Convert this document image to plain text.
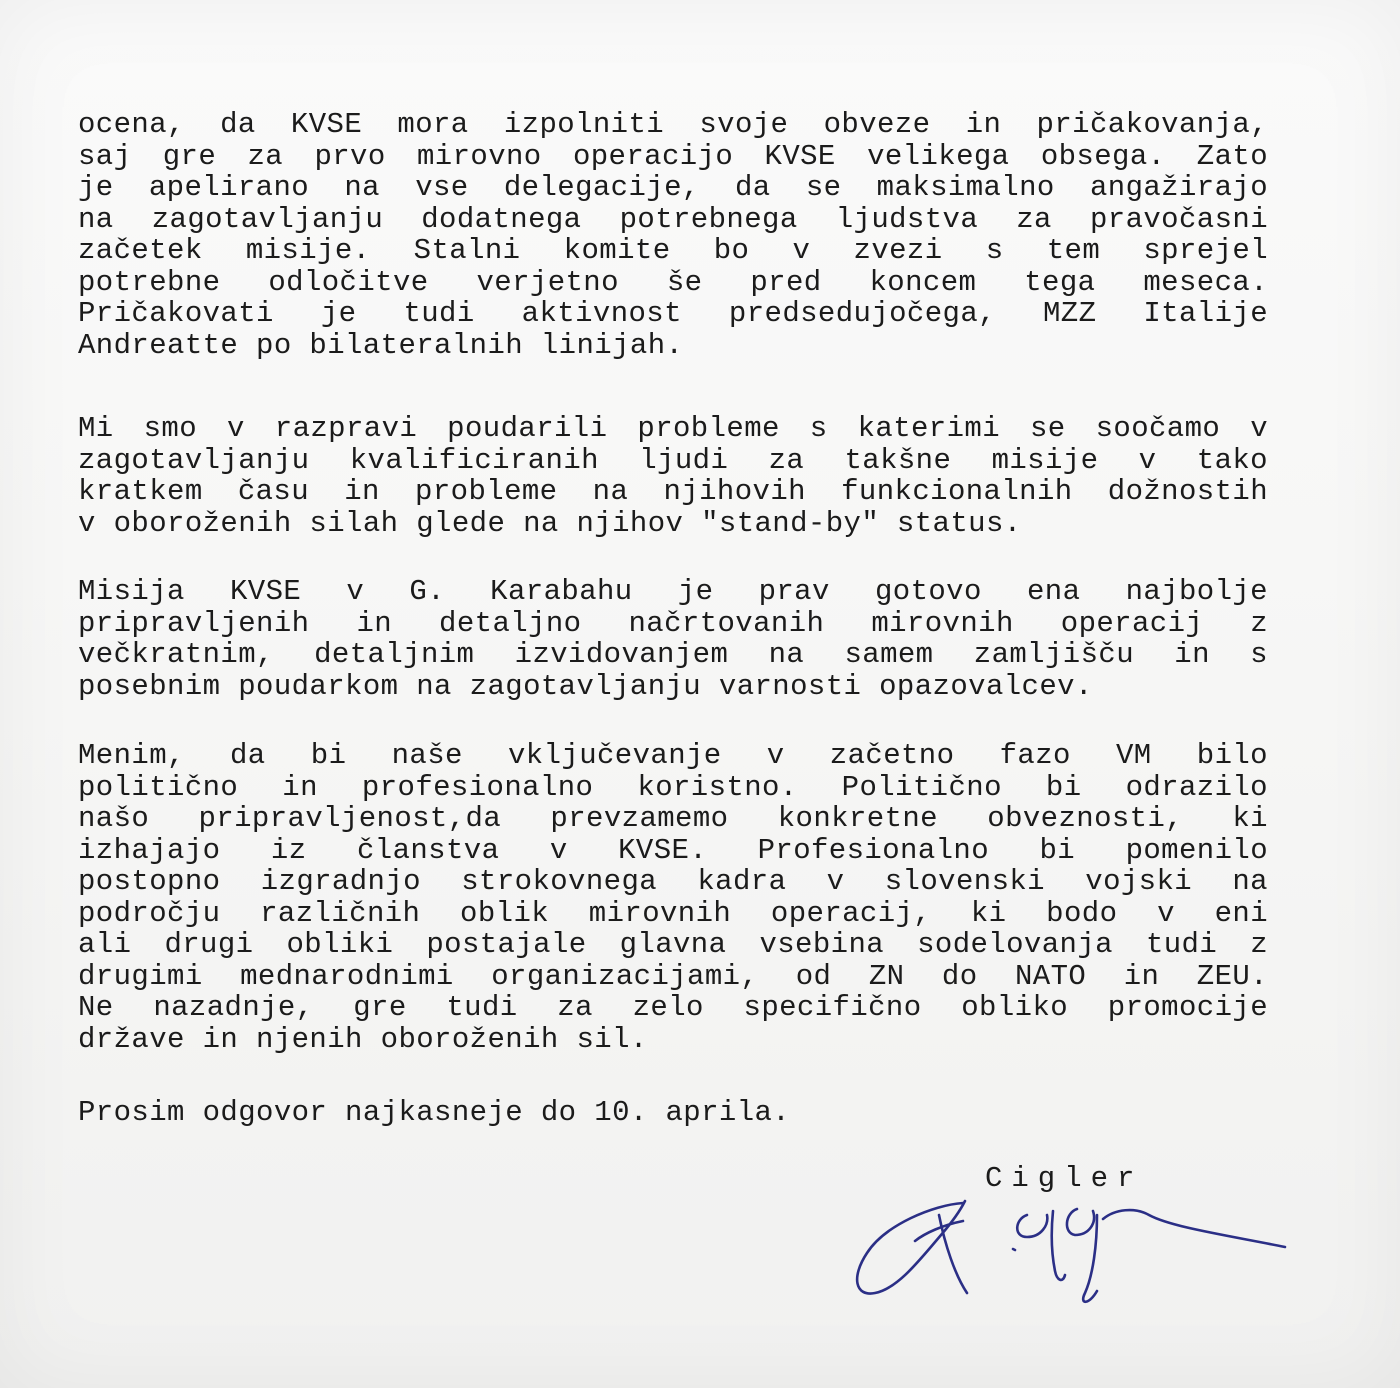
ocena, da KVSE mora izpolniti svoje obveze in pričakovanja,
saj gre za prvo mirovno operacijo KVSE velikega obsega. Zato
je apelirano na vse delegacije, da se maksimalno angažirajo
na zagotavljanju dodatnega potrebnega ljudstva za pravočasni
začetek misije. Stalni komite bo v zvezi s tem sprejel
potrebne odločitve verjetno še pred koncem tega meseca.
Pričakovati je tudi aktivnost predsedujočega, MZZ Italije
Andreatte po bilateralnih linijah.
Mi smo v razpravi poudarili probleme s katerimi se soočamo v
zagotavljanju kvalificiranih ljudi za takšne misije v tako
kratkem času in probleme na njihovih funkcionalnih dožnostih
v oboroženih silah glede na njihov "stand-by" status.
Misija KVSE v G. Karabahu je prav gotovo ena najbolje
pripravljenih in detaljno načrtovanih mirovnih operacij z
večkratnim, detaljnim izvidovanjem na samem zamljišču in s
posebnim poudarkom na zagotavljanju varnosti opazovalcev.
Menim, da bi naše vključevanje v začetno fazo VM bilo
politično in profesionalno koristno. Politično bi odrazilo
našo pripravljenost,da prevzamemo konkretne obveznosti, ki
izhajajo iz članstva v KVSE. Profesionalno bi pomenilo
postopno izgradnjo strokovnega kadra v slovenski vojski na
področju različnih oblik mirovnih operacij, ki bodo v eni
ali drugi obliki postajale glavna vsebina sodelovanja tudi z
drugimi mednarodnimi organizacijami, od ZN do NATO in ZEU.
Ne nazadnje, gre tudi za zelo specifično obliko promocije
države in njenih oboroženih sil.
Prosim odgovor najkasneje do 10. aprila.
Cigler
